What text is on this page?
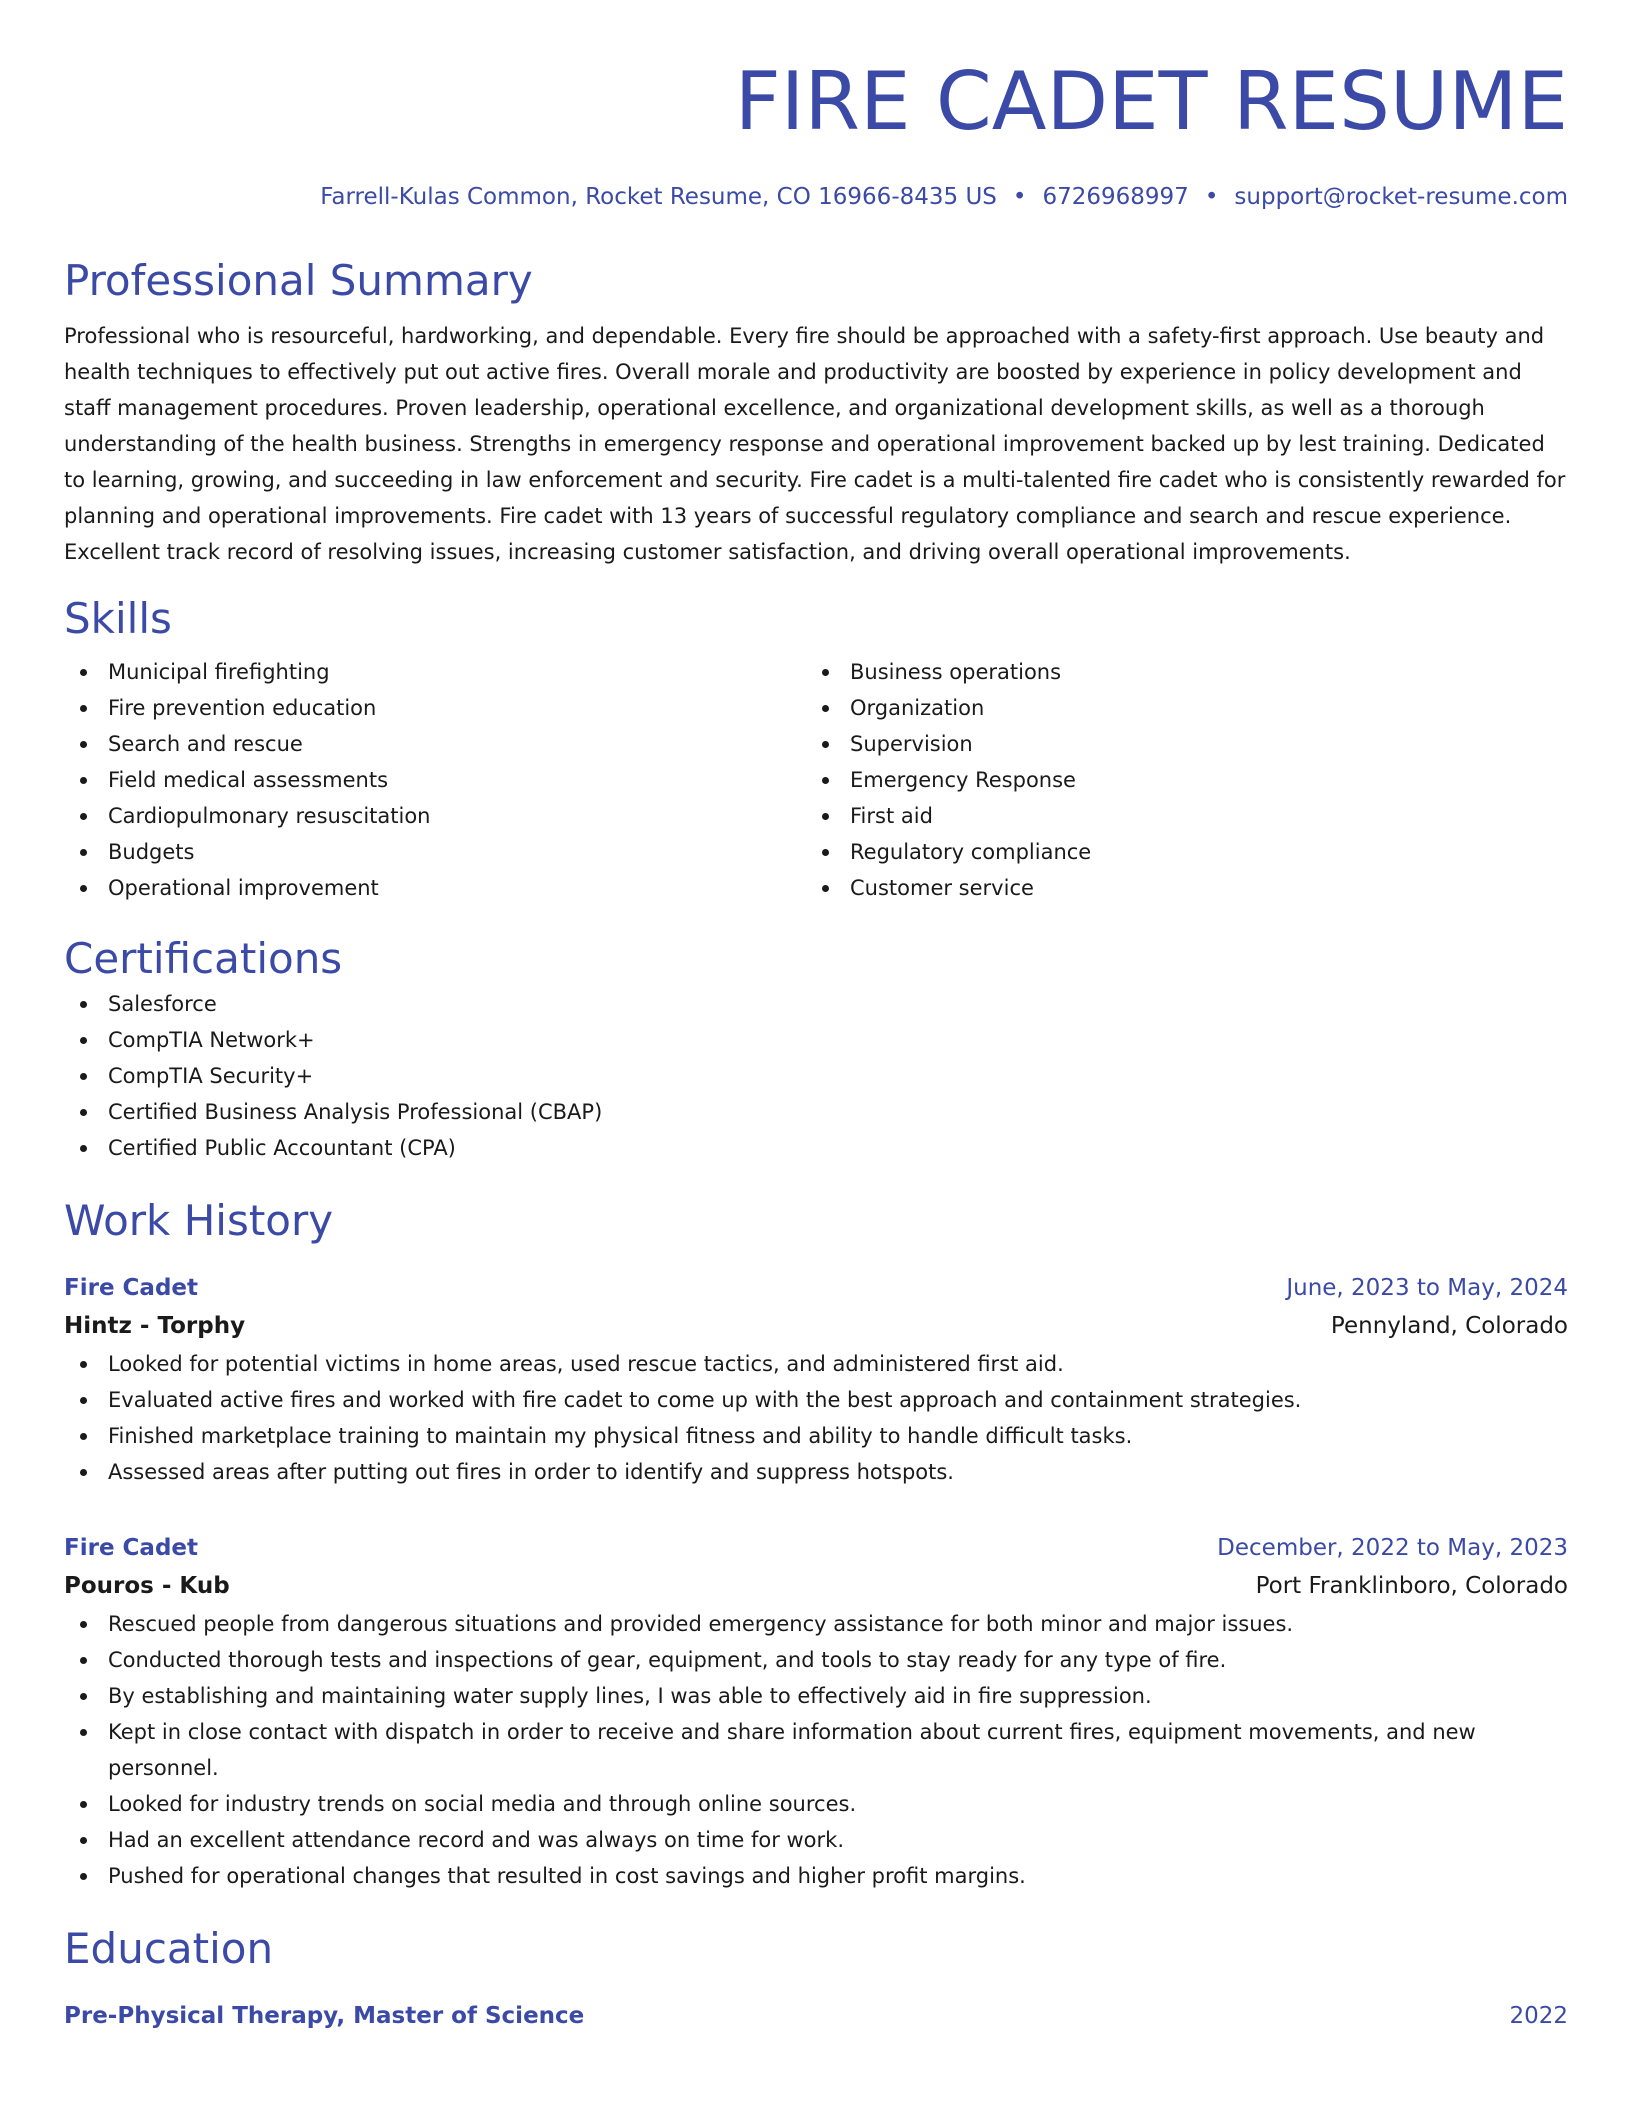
FIRE CADET RESUME
Farrell-Kulas Common, Rocket Resume, CO 16966-8435 US • 6726968997 • support@rocket-resume.com
Professional Summary
Professional who is resourceful, hardworking, and dependable. Every fire should be approached with a safety-first approach. Use beauty and health techniques to effectively put out active fires. Overall morale and productivity are boosted by experience in policy development and staff management procedures. Proven leadership, operational excellence, and organizational development skills, as well as a thorough understanding of the health business. Strengths in emergency response and operational improvement backed up by lest training. Dedicated to learning, growing, and succeeding in law enforcement and security. Fire cadet is a multi-talented fire cadet who is consistently rewarded for planning and operational improvements. Fire cadet with 13 years of successful regulatory compliance and search and rescue experience. Excellent track record of resolving issues, increasing customer satisfaction, and driving overall operational improvements.
Skills
Municipal firefighting
Fire prevention education
Search and rescue
Field medical assessments
Cardiopulmonary resuscitation
Budgets
Operational improvement
Business operations
Organization
Supervision
Emergency Response
First aid
Regulatory compliance
Customer service
Certifications
Salesforce
CompTIA Network+
CompTIA Security+
Certified Business Analysis Professional (CBAP)
Certified Public Accountant (CPA)
Work History
Fire Cadet	June, 2023 to May, 2024
Hintz - Torphy	Pennyland, Colorado
Looked for potential victims in home areas, used rescue tactics, and administered first aid.
Evaluated active fires and worked with fire cadet to come up with the best approach and containment strategies.
Finished marketplace training to maintain my physical fitness and ability to handle difficult tasks.
Assessed areas after putting out fires in order to identify and suppress hotspots.
Fire Cadet	December, 2022 to May, 2023
Pouros - Kub	Port Franklinboro, Colorado
Rescued people from dangerous situations and provided emergency assistance for both minor and major issues.
Conducted thorough tests and inspections of gear, equipment, and tools to stay ready for any type of fire.
By establishing and maintaining water supply lines, I was able to effectively aid in fire suppression.
Kept in close contact with dispatch in order to receive and share information about current fires, equipment movements, and new personnel.
Looked for industry trends on social media and through online sources.
Had an excellent attendance record and was always on time for work.
Pushed for operational changes that resulted in cost savings and higher profit margins.
Education
Pre-Physical Therapy, Master of Science	2022
